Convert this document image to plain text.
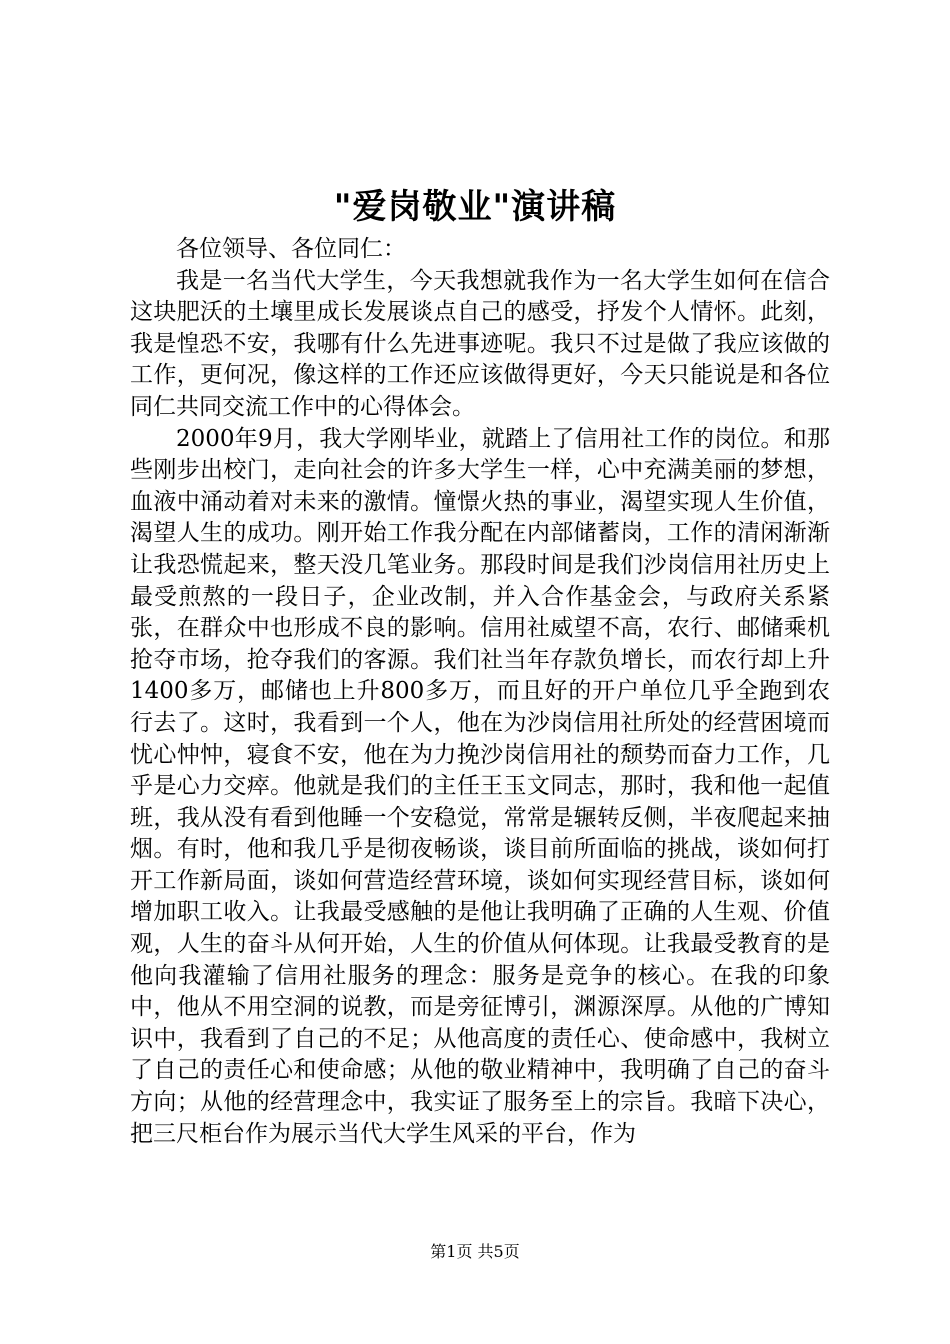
"爱岗敬业"演讲稿

各位领导、各位同仁：

我是一名当代大学生，今天我想就我作为一名大学生如何在信合这块肥沃的土壤里成长发展谈点自己的感受，抒发个人情怀。此刻，我是惶恐不安，我哪有什么先进事迹呢。我只不过是做了我应该做的工作，更何况，像这样的工作还应该做得更好，今天只能说是和各位同仁共同交流工作中的心得体会。

2000年9月，我大学刚毕业，就踏上了信用社工作的岗位。和那些刚步出校门，走向社会的许多大学生一样，心中充满美丽的梦想，血液中涌动着对未来的激情。憧憬火热的事业，渴望实现人生价值，渴望人生的成功。刚开始工作我分配在内部储蓄岗，工作的清闲渐渐让我恐慌起来，整天没几笔业务。那段时间是我们沙岗信用社历史上最受煎熬的一段日子，企业改制，并入合作基金会，与政府关系紧张，在群众中也形成不良的影响。信用社威望不高，农行、邮储乘机抢夺市场，抢夺我们的客源。我们社当年存款负增长，而农行却上升1400多万，邮储也上升800多万，而且好的开户单位几乎全跑到农行去了。这时，我看到一个人，他在为沙岗信用社所处的经营困境而忧心忡忡，寝食不安，他在为力挽沙岗信用社的颓势而奋力工作，几乎是心力交瘁。他就是我们的主任王玉文同志，那时，我和他一起值班，我从没有看到他睡一个安稳觉，常常是辗转反侧，半夜爬起来抽烟。有时，他和我几乎是彻夜畅谈，谈目前所面临的挑战，谈如何打开工作新局面，谈如何营造经营环境，谈如何实现经营目标，谈如何增加职工收入。让我最受感触的是他让我明确了正确的人生观、价值观，人生的奋斗从何开始，人生的价值从何体现。让我最受教育的是他向我灌输了信用社服务的理念：服务是竞争的核心。在我的印象中，他从不用空洞的说教，而是旁征博引，渊源深厚。从他的广博知识中，我看到了自己的不足；从他高度的责任心、使命感中，我树立了自己的责任心和使命感；从他的敬业精神中，我明确了自己的奋斗方向；从他的经营理念中，我实证了服务至上的宗旨。我暗下决心，把三尺柜台作为展示当代大学生风采的平台，作为

第1页 共5页
